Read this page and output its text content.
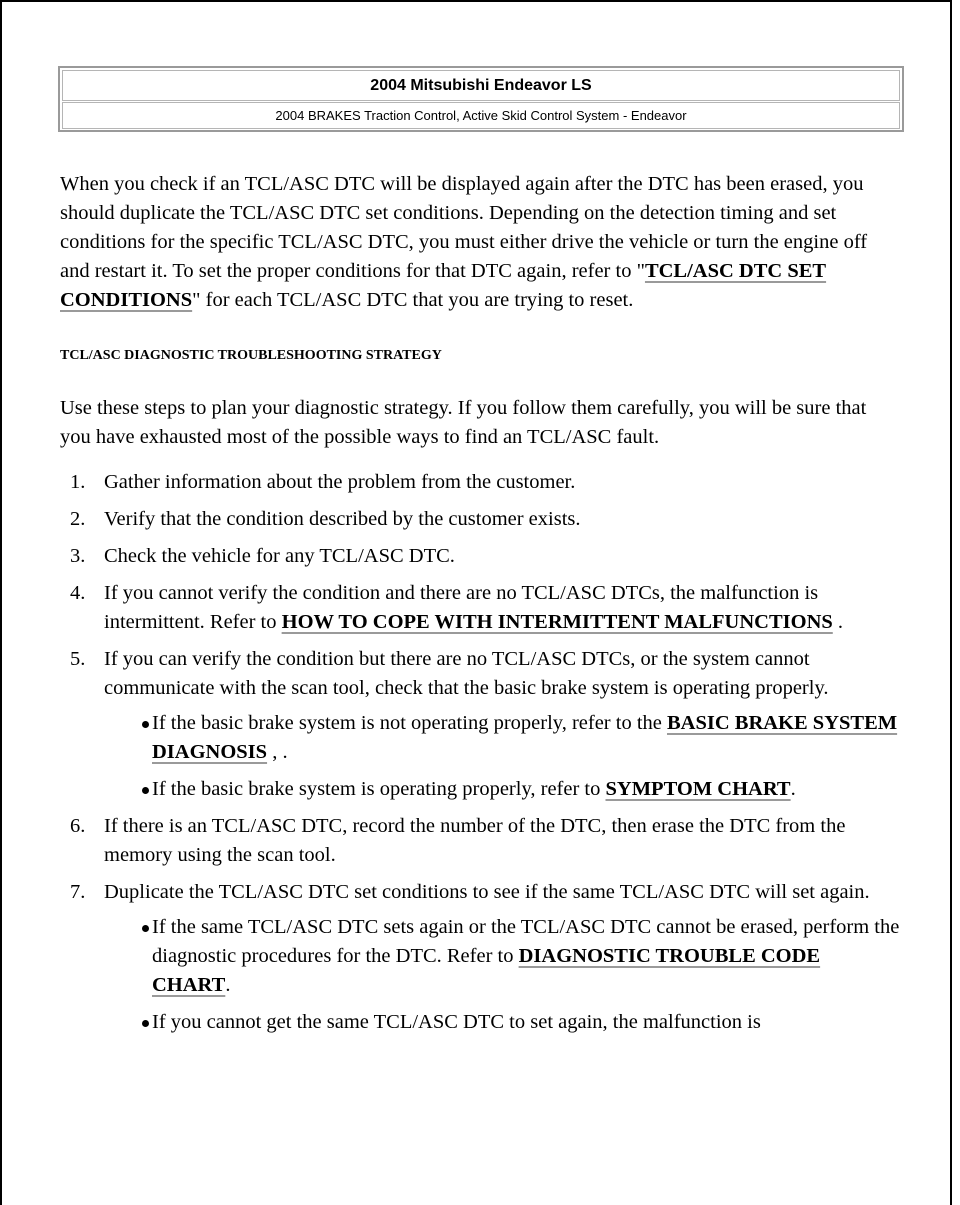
2004 Mitsubishi Endeavor LS
2004 BRAKES Traction Control, Active Skid Control System - Endeavor

When you check if an TCL/ASC DTC will be displayed again after the DTC has been erased, you should duplicate the TCL/ASC DTC set conditions. Depending on the detection timing and set conditions for the specific TCL/ASC DTC, you must either drive the vehicle or turn the engine off and restart it. To set the proper conditions for that DTC again, refer to "TCL/ASC DTC SET CONDITIONS" for each TCL/ASC DTC that you are trying to reset.

TCL/ASC DIAGNOSTIC TROUBLESHOOTING STRATEGY

Use these steps to plan your diagnostic strategy. If you follow them carefully, you will be sure that you have exhausted most of the possible ways to find an TCL/ASC fault.

1. Gather information about the problem from the customer.
2. Verify that the condition described by the customer exists.
3. Check the vehicle for any TCL/ASC DTC.
4. If you cannot verify the condition and there are no TCL/ASC DTCs, the malfunction is intermittent. Refer to HOW TO COPE WITH INTERMITTENT MALFUNCTIONS .
5. If you can verify the condition but there are no TCL/ASC DTCs, or the system cannot communicate with the scan tool, check that the basic brake system is operating properly.
If the basic brake system is not operating properly, refer to the BASIC BRAKE SYSTEM DIAGNOSIS , .
If the basic brake system is operating properly, refer to SYMPTOM CHART.
6. If there is an TCL/ASC DTC, record the number of the DTC, then erase the DTC from the memory using the scan tool.
7. Duplicate the TCL/ASC DTC set conditions to see if the same TCL/ASC DTC will set again.
If the same TCL/ASC DTC sets again or the TCL/ASC DTC cannot be erased, perform the diagnostic procedures for the DTC. Refer to DIAGNOSTIC TROUBLE CODE CHART.
If you cannot get the same TCL/ASC DTC to set again, the malfunction is
